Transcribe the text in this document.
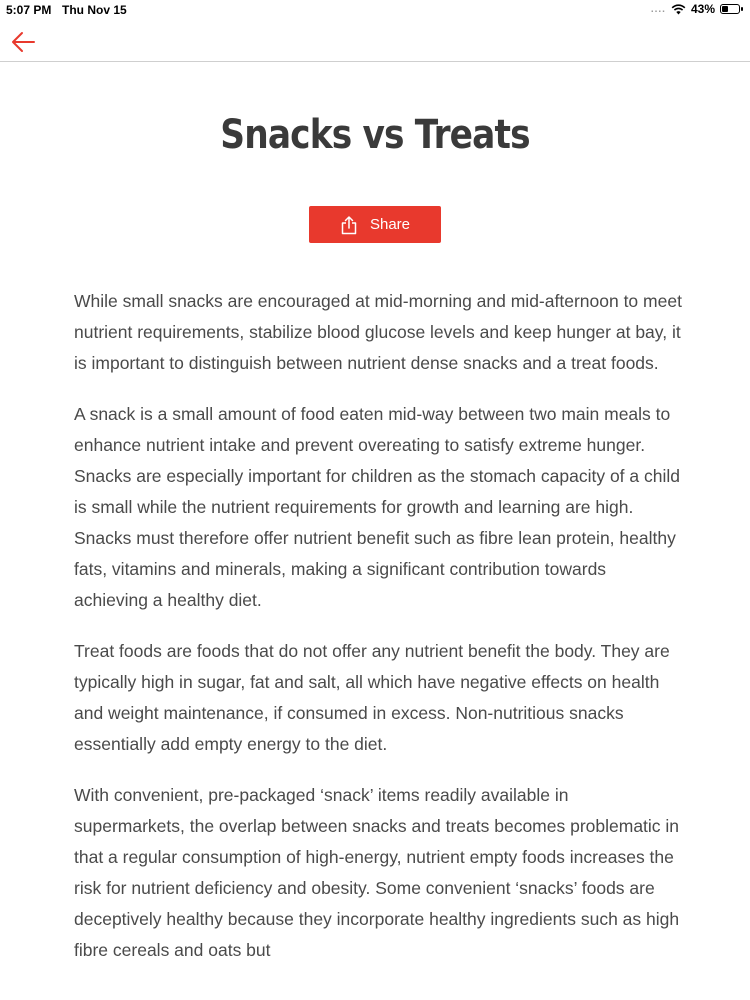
5:07 PM Thu Nov 15	.... 43%
Snacks vs Treats
Share

While small snacks are encouraged at mid-morning and mid-afternoon to meet nutrient requirements, stabilize blood glucose levels and keep hunger at bay, it is important to distinguish between nutrient dense snacks and a treat foods.

A snack is a small amount of food eaten mid-way between two main meals to enhance nutrient intake and prevent overeating to satisfy extreme hunger. Snacks are especially important for children as the stomach capacity of a child is small while the nutrient requirements for growth and learning are high. Snacks must therefore offer nutrient benefit such as fibre lean protein, healthy fats, vitamins and minerals, making a significant contribution towards achieving a healthy diet.

Treat foods are foods that do not offer any nutrient benefit the body. They are typically high in sugar, fat and salt, all which have negative effects on health and weight maintenance, if consumed in excess. Non-nutritious snacks essentially add empty energy to the diet.

With convenient, pre-packaged ‘snack’ items readily available in supermarkets, the overlap between snacks and treats becomes problematic in that a regular consumption of high-energy, nutrient empty foods increases the risk for nutrient deficiency and obesity. Some convenient ‘snacks’ foods are deceptively healthy because they incorporate healthy ingredients such as high fibre cereals and oats but
